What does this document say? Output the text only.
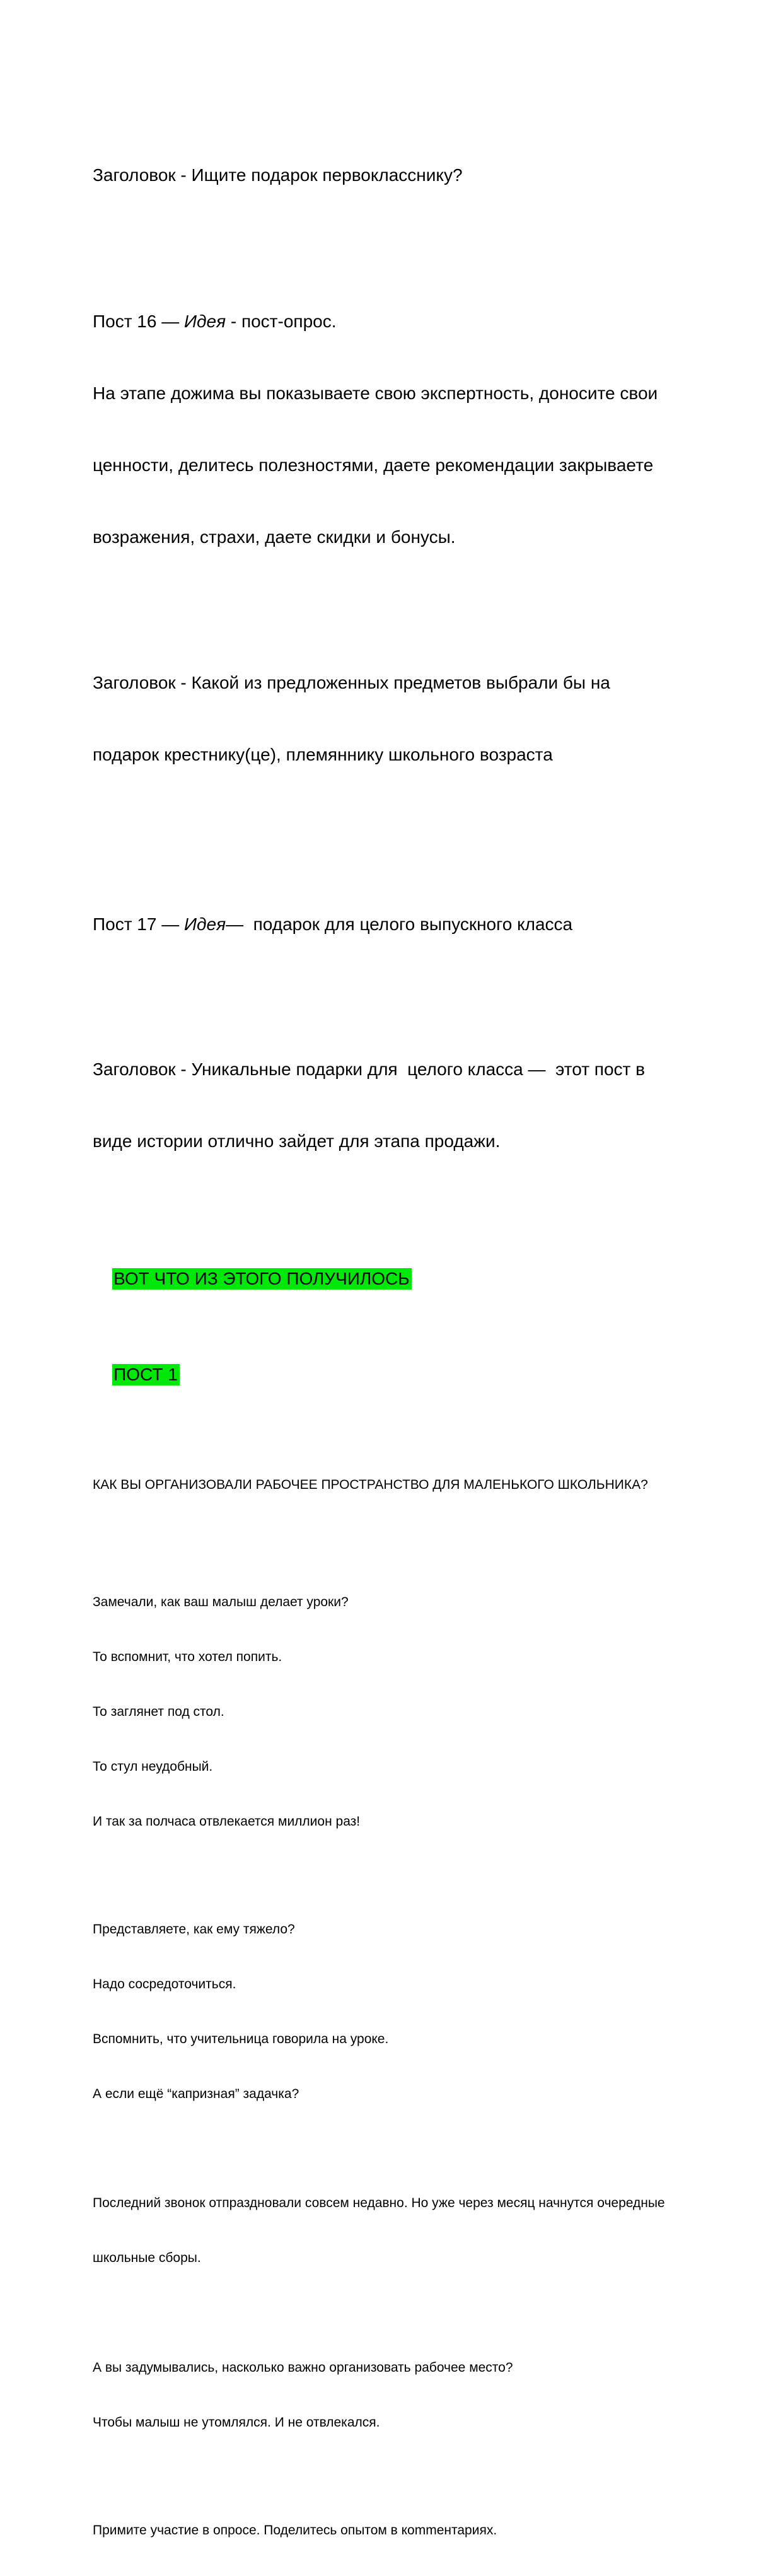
Заголовок - Ищите подарок первокласснику?

Пост 16 — Идея - пост-опрос.

На этапе дожима вы показываете свою экспертность, доносите свои

ценности, делитесь полезностями, даете рекомендации закрываете

возражения, страхи, даете скидки и бонусы.

Заголовок - Какой из предложенных предметов выбрали бы на

подарок крестнику(це), племяннику школьного возраста

Пост 17 — Идея—  подарок для целого выпускного класса

Заголовок - Уникальные подарки для  целого класса —  этот пост в

виде истории отлично зайдет для этапа продажи.

ВОТ ЧТО ИЗ ЭТОГО ПОЛУЧИЛОСЬ

ПОСТ 1

КАК ВЫ ОРГАНИЗОВАЛИ РАБОЧЕЕ ПРОСТРАНСТВО ДЛЯ МАЛЕНЬКОГО ШКОЛЬНИКА?

Замечали, как ваш малыш делает уроки?

То вспомнит, что хотел попить.

То заглянет под стол.

То стул неудобный.

И так за полчаса отвлекается миллион раз!

Представляете, как ему тяжело?

Надо сосредоточиться.

Вспомнить, что учительница говорила на уроке.

А если ещё “капризная” задачка?

Последний звонок отпраздновали совсем недавно. Но уже через месяц начнутся очередные

школьные сборы.

А вы задумывались, насколько важно организовать рабочее место?

Чтобы малыш не утомлялся. И не отвлекался.

Примите участие в опросе. Поделитесь опытом в коmmентариях.
